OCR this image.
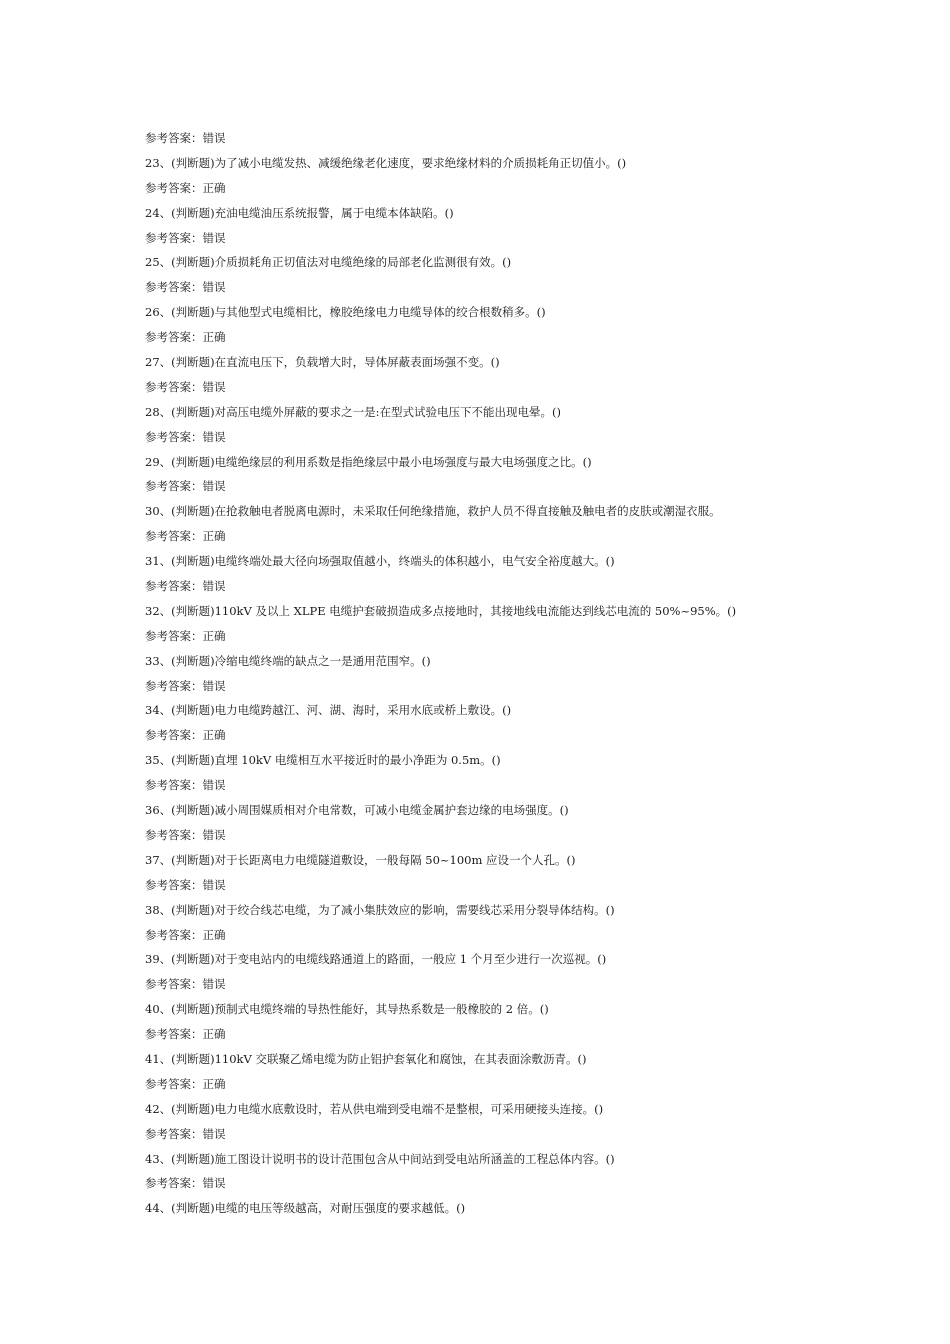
参考答案：错误
23、(判断题)为了减小电缆发热、减缓绝缘老化速度，要求绝缘材料的介质损耗角正切值小。()
参考答案：正确
24、(判断题)充油电缆油压系统报警，属于电缆本体缺陷。()
参考答案：错误
25、(判断题)介质损耗角正切值法对电缆绝缘的局部老化监测很有效。()
参考答案：错误
26、(判断题)与其他型式电缆相比，橡胶绝缘电力电缆导体的绞合根数稍多。()
参考答案：正确
27、(判断题)在直流电压下，负载增大时，导体屏蔽表面场强不变。()
参考答案：错误
28、(判断题)对高压电缆外屏蔽的要求之一是:在型式试验电压下不能出现电晕。()
参考答案：错误
29、(判断题)电缆绝缘层的利用系数是指绝缘层中最小电场强度与最大电场强度之比。()
参考答案：错误
30、(判断题)在抢救触电者脱离电源时，未采取任何绝缘措施，救护人员不得直接触及触电者的皮肤或潮湿衣服。
参考答案：正确
31、(判断题)电缆终端处最大径向场强取值越小，终端头的体积越小，电气安全裕度越大。()
参考答案：错误
32、(判断题)110kV 及以上 XLPE 电缆护套破损造成多点接地时，其接地线电流能达到线芯电流的 50%~95%。()
参考答案：正确
33、(判断题)冷缩电缆终端的缺点之一是通用范围窄。()
参考答案：错误
34、(判断题)电力电缆跨越江、河、湖、海时，采用水底或桥上敷设。()
参考答案：正确
35、(判断题)直埋 10kV 电缆相互水平接近时的最小净距为 0.5m。()
参考答案：错误
36、(判断题)减小周围媒质相对介电常数，可减小电缆金属护套边缘的电场强度。()
参考答案：错误
37、(判断题)对于长距离电力电缆隧道敷设，一般每隔 50~100m 应设一个人孔。()
参考答案：错误
38、(判断题)对于绞合线芯电缆，为了减小集肤效应的影响，需要线芯采用分裂导体结构。()
参考答案：正确
39、(判断题)对于变电站内的电缆线路通道上的路面，一般应 1 个月至少进行一次巡视。()
参考答案：错误
40、(判断题)预制式电缆终端的导热性能好，其导热系数是一般橡胶的 2 倍。()
参考答案：正确
41、(判断题)110kV 交联聚乙烯电缆为防止铝护套氧化和腐蚀，在其表面涂敷沥青。()
参考答案：正确
42、(判断题)电力电缆水底敷设时，若从供电端到受电端不是整根，可采用硬接头连接。()
参考答案：错误
43、(判断题)施工图设计说明书的设计范围包含从中间站到受电站所涵盖的工程总体内容。()
参考答案：错误
44、(判断题)电缆的电压等级越高，对耐压强度的要求越低。()
